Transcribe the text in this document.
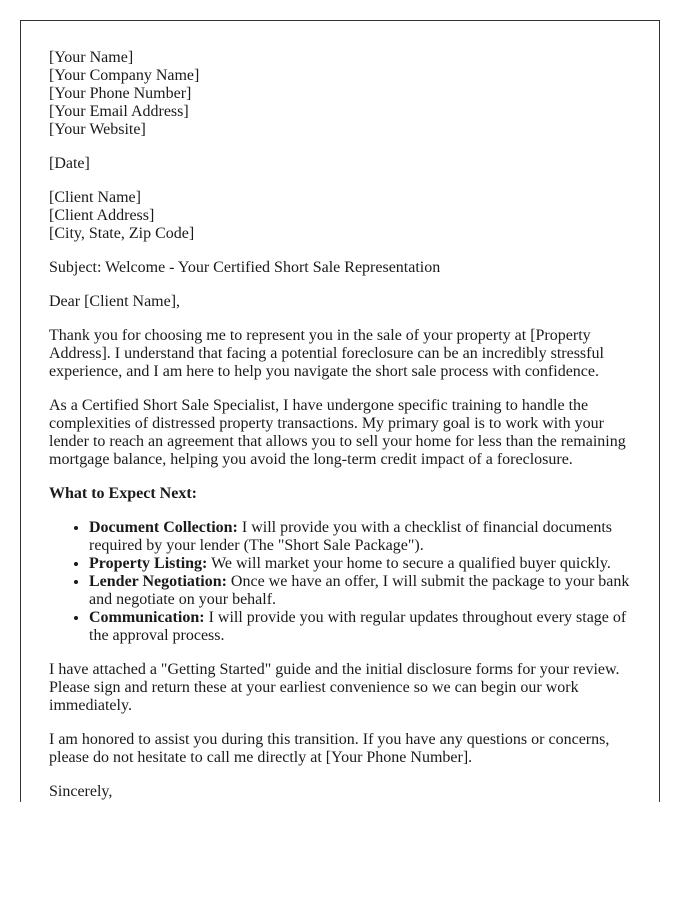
[Your Name]
[Your Company Name]
[Your Phone Number]
[Your Email Address]
[Your Website]

[Date]

[Client Name]
[Client Address]
[City, State, Zip Code]

Subject: Welcome - Your Certified Short Sale Representation

Dear [Client Name],

Thank you for choosing me to represent you in the sale of your property at [Property Address]. I understand that facing a potential foreclosure can be an incredibly stressful experience, and I am here to help you navigate the short sale process with confidence.

As a Certified Short Sale Specialist, I have undergone specific training to handle the complexities of distressed property transactions. My primary goal is to work with your lender to reach an agreement that allows you to sell your home for less than the remaining mortgage balance, helping you avoid the long-term credit impact of a foreclosure.

What to Expect Next:

• Document Collection: I will provide you with a checklist of financial documents required by your lender (The "Short Sale Package").
• Property Listing: We will market your home to secure a qualified buyer quickly.
• Lender Negotiation: Once we have an offer, I will submit the package to your bank and negotiate on your behalf.
• Communication: I will provide you with regular updates throughout every stage of the approval process.

I have attached a "Getting Started" guide and the initial disclosure forms for your review. Please sign and return these at your earliest convenience so we can begin our work immediately.

I am honored to assist you during this transition. If you have any questions or concerns, please do not hesitate to call me directly at [Your Phone Number].

Sincerely,
